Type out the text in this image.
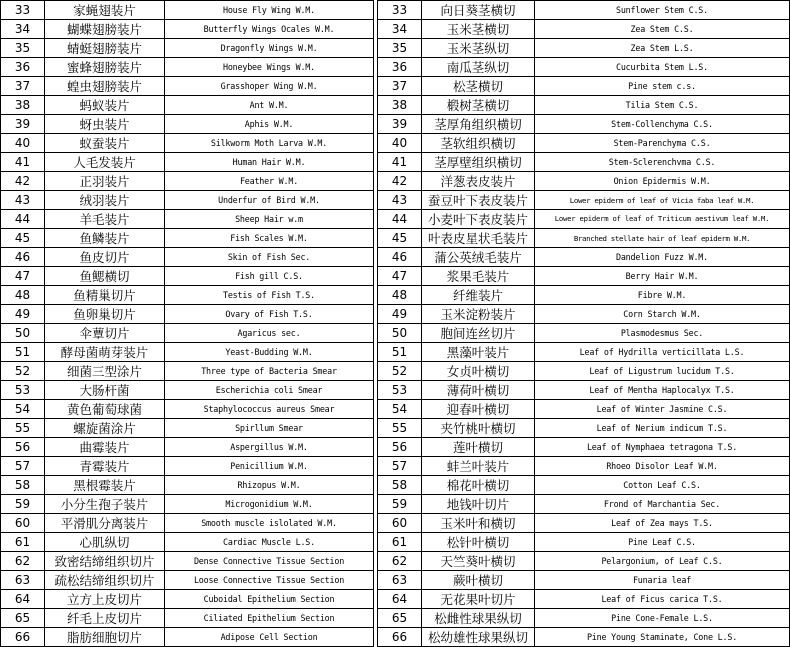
33	家蝇翅装片	House Fly Wing W.M.
34	蝴蝶翅膀装片	Butterfly Wings Ocales W.M.
35	蜻蜓翅膀装片	Dragonfly Wings W.M.
36	蜜蜂翅膀装片	Honeybee Wings W.M.
37	蝗虫翅膀装片	Grasshoper Wing W.M.
38	蚂蚁装片	Ant W.M.
39	蚜虫装片	Aphis W.M.
40	蚁蚕装片	Silkworm Moth Larva W.M.
41	人毛发装片	Human Hair W.M.
42	正羽装片	Feather W.M.
43	绒羽装片	Underfur of Bird W.M.
44	羊毛装片	Sheep Hair w.m
45	鱼鳞装片	Fish Scales W.M.
46	鱼皮切片	Skin of Fish Sec.
47	鱼鳃横切	Fish gill C.S.
48	鱼精巢切片	Testis of Fish T.S.
49	鱼卵巢切片	Ovary of Fish T.S.
50	伞蕈切片	Agaricus sec.
51	酵母菌萌芽装片	Yeast-Budding W.M.
52	细菌三型涂片	Three type of Bacteria Smear
53	大肠杆菌	Escherichia coli Smear
54	黄色葡萄球菌	Staphylococcus aureus Smear
55	螺旋菌涂片	Spirllum Smear
56	曲霉装片	Aspergillus W.M.
57	青霉装片	Penicillium W.M.
58	黑根霉装片	Rhizopus W.M.
59	小分生孢子装片	Microgonidium W.M.
60	平滑肌分离装片	Smooth muscle islolated W.M.
61	心肌纵切	Cardiac Muscle L.S.
62	致密结缔组织切片	Dense Connective Tissue Section
63	疏松结缔组织切片	Loose Connective Tissue Section
64	立方上皮切片	Cuboidal Epithelium Section
65	纤毛上皮切片	Ciliated Epithelium Section
66	脂肪细胞切片	Adipose Cell Section
33	向日葵茎横切	Sunflower Stem C.S.
34	玉米茎横切	Zea Stem C.S.
35	玉米茎纵切	Zea Stem L.S.
36	南瓜茎纵切	Cucurbita Stem L.S.
37	松茎横切	Pine stem c.s.
38	椴树茎横切	Tilia Stem C.S.
39	茎厚角组织横切	Stem-Collenchyma C.S.
40	茎软组织横切	Stem-Parenchyma C.S.
41	茎厚壁组织横切	Stem-Sclerenchvma C.S.
42	洋葱表皮装片	Onion Epidermis W.M.
43	蚕豆叶下表皮装片	Lower epiderm of leaf of Vicia faba leaf W.M.
44	小麦叶下表皮装片	Lower epiderm of leaf of Triticum aestivum leaf W.M.
45	叶表皮星状毛装片	Branched stellate hair of leaf epiderm W.M.
46	蒲公英绒毛装片	Dandelion Fuzz W.M.
47	浆果毛装片	Berry Hair W.M.
48	纤维装片	Fibre W.M.
49	玉米淀粉装片	Corn Starch W.M.
50	胞间连丝切片	Plasmodesmus Sec.
51	黑藻叶装片	Leaf of Hydrilla verticillata L.S.
52	女贞叶横切	Leaf of Ligustrum lucidum T.S.
53	薄荷叶横切	Leaf of Mentha Haplocalyx T.S.
54	迎春叶横切	Leaf of Winter Jasmine C.S.
55	夹竹桃叶横切	Leaf of Nerium indicum T.S.
56	莲叶横切	Leaf of Nymphaea tetragona T.S.
57	蚌兰叶装片	Rhoeo Disolor Leaf W.M.
58	棉花叶横切	Cotton Leaf C.S.
59	地钱叶切片	Frond of Marchantia Sec.
60	玉米叶和横切	Leaf of Zea mays T.S.
61	松针叶横切	Pine Leaf C.S.
62	天竺葵叶横切	Pelargonium, of Leaf C.S.
63	蕨叶横切	Funaria leaf
64	无花果叶切片	Leaf of Ficus carica T.S.
65	松雌性球果纵切	Pine Cone-Female L.S.
66	松幼雄性球果纵切	Pine Young Staminate, Cone L.S.
